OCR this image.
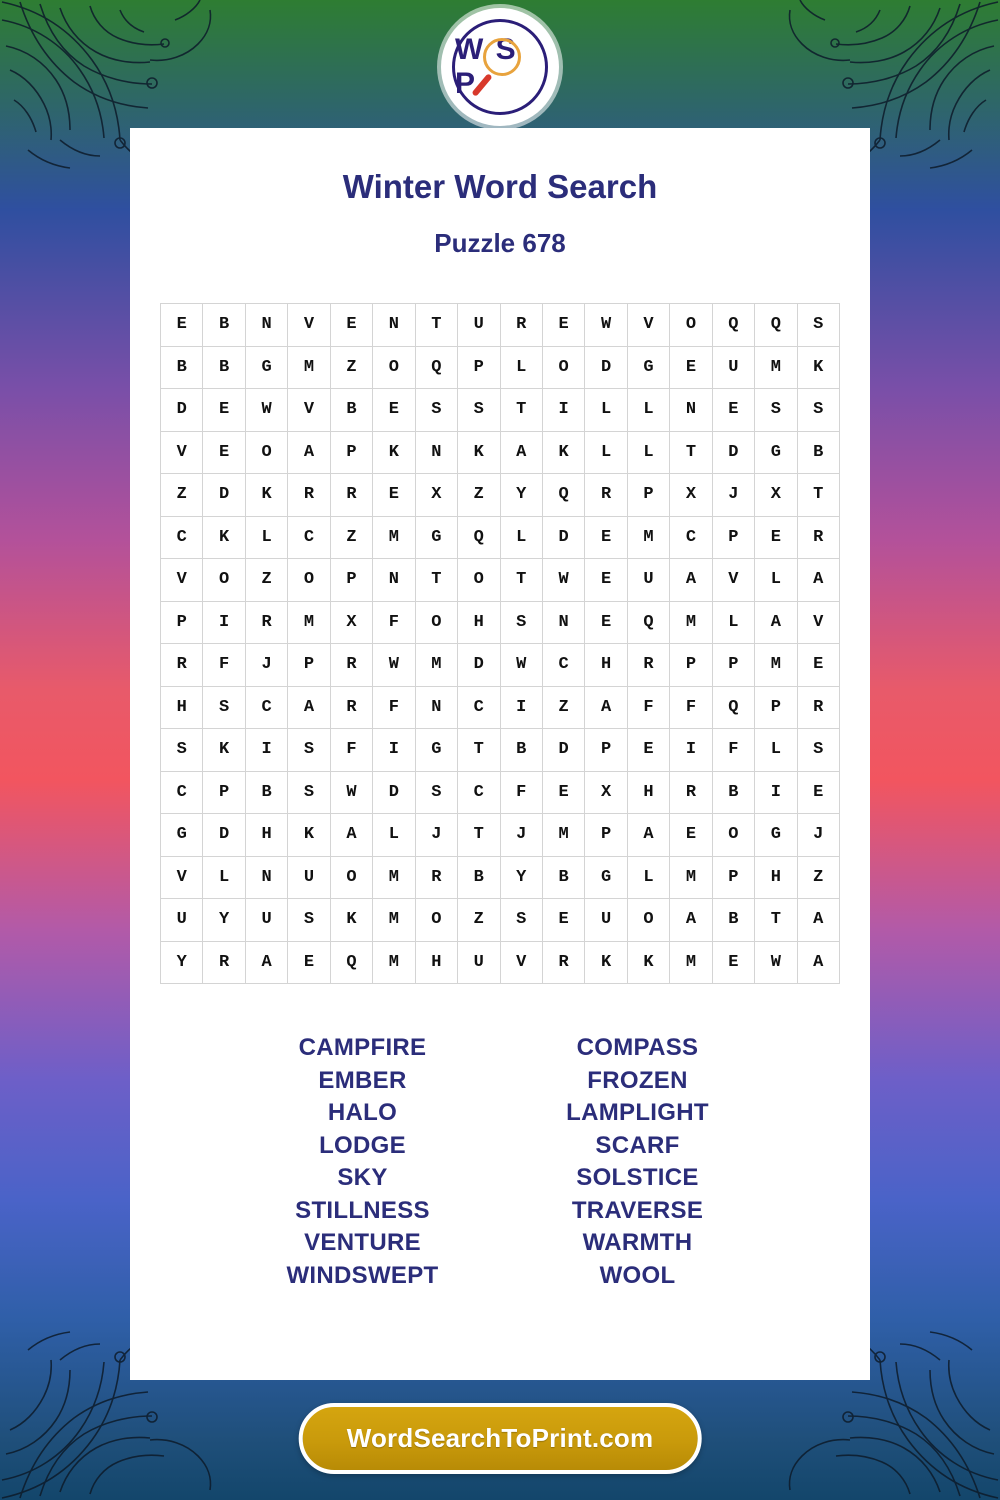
W S P
Winter Word Search
Puzzle 678
E	B	N	V	E	N	T	U	R	E	W	V	O	Q	Q	S
B	B	G	M	Z	O	Q	P	L	O	D	G	E	U	M	K
D	E	W	V	B	E	S	S	T	I	L	L	N	E	S	S
V	E	O	A	P	K	N	K	A	K	L	L	T	D	G	B
Z	D	K	R	R	E	X	Z	Y	Q	R	P	X	J	X	T
C	K	L	C	Z	M	G	Q	L	D	E	M	C	P	E	R
V	O	Z	O	P	N	T	O	T	W	E	U	A	V	L	A
P	I	R	M	X	F	O	H	S	N	E	Q	M	L	A	V
R	F	J	P	R	W	M	D	W	C	H	R	P	P	M	E
H	S	C	A	R	F	N	C	I	Z	A	F	F	Q	P	R
S	K	I	S	F	I	G	T	B	D	P	E	I	F	L	S
C	P	B	S	W	D	S	C	F	E	X	H	R	B	I	E
G	D	H	K	A	L	J	T	J	M	P	A	E	O	G	J
V	L	N	U	O	M	R	B	Y	B	G	L	M	P	H	Z
U	Y	U	S	K	M	O	Z	S	E	U	O	A	B	T	A
Y	R	A	E	Q	M	H	U	V	R	K	K	M	E	W	A
CAMPFIRE
EMBER
HALO
LODGE
SKY
STILLNESS
VENTURE
WINDSWEPT
COMPASS
FROZEN
LAMPLIGHT
SCARF
SOLSTICE
TRAVERSE
WARMTH
WOOL
WordSearchToPrint.com
